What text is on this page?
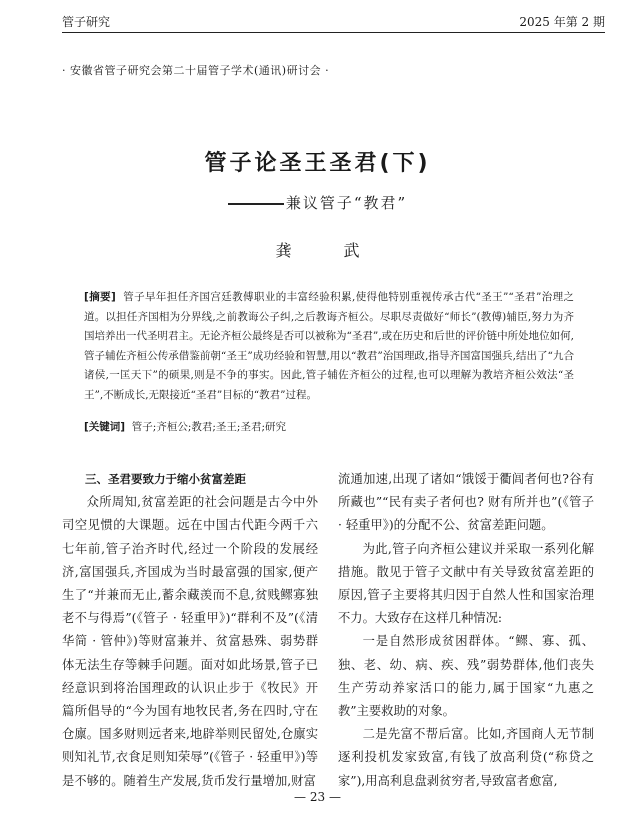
管子研究	2025 年第 2 期
· 安徽省管子研究会第二十届管子学术(通讯)研讨会 ·
管子论圣王圣君(下)
兼议管子“教君”
龚　武
[摘要] 管子早年担任齐国宫廷教傅职业的丰富经验积累,使得他特别重视传承古代“圣王”“圣君”治理之道。以担任齐国相为分界线,之前教诲公子纠,之后教诲齐桓公。尽职尽责做好“师长”(教傅)辅臣,努力为齐国培养出一代圣明君主。无论齐桓公最终是否可以被称为“圣君”,或在历史和后世的评价链中所处地位如何,管子辅佐齐桓公传承借鉴前朝“圣王”成功经验和智慧,用以“教君”治国理政,指导齐国富国强兵,结出了“九合诸侯,一匡天下”的硕果,则是不争的事实。因此,管子辅佐齐桓公的过程,也可以理解为教培齐桓公效法“圣王”,不断成长,无限接近“圣君”目标的“教君”过程。
[关键词] 管子;齐桓公;教君;圣王;圣君;研究

三、圣君要致力于缩小贫富差距

众所周知,贫富差距的社会问题是古今中外司空见惯的大课题。远在中国古代距今两千六七年前,管子治齐时代,经过一个阶段的发展经济,富国强兵,齐国成为当时最富强的国家,便产生了“并兼而无止,蓄余藏羡而不息,贫贱鳏寡独老不与得焉”(《管子 · 轻重甲》)“群利不及”(《清华简 · 管仲》)等财富兼并、贫富悬殊、弱势群体无法生存等棘手问题。面对如此场景,管子已经意识到将治国理政的认识止步于《牧民》开篇所倡导的“今为国有地牧民者,务在四时,守在仓廪。国多财则远者来,地辟举则民留处,仓廪实则知礼节,衣食足则知荣辱”(《管子 · 轻重甲》)等是不够的。随着生产发展,货币发行量增加,财富

流通加速,出现了诸如“饿馁于衢闾者何也?谷有所藏也”“民有卖子者何也? 财有所并也”(《管子 · 轻重甲》)的分配不公、贫富差距问题。

为此,管子向齐桓公建议并采取一系列化解措施。散见于管子文献中有关导致贫富差距的原因,管子主要将其归因于自然人性和国家治理不力。大致存在这样几种情况:

一是自然形成贫困群体。“鳏、寡、孤、独、老、幼、病、疾、残”弱势群体,他们丧失生产劳动养家活口的能力,属于国家“九惠之教”主要救助的对象。

二是先富不帮后富。比如,齐国商人无节制逐利投机发家致富,有钱了放高利贷(“称贷之家”),用高利息盘剥贫穷者,导致富者愈富,

— 23 —
